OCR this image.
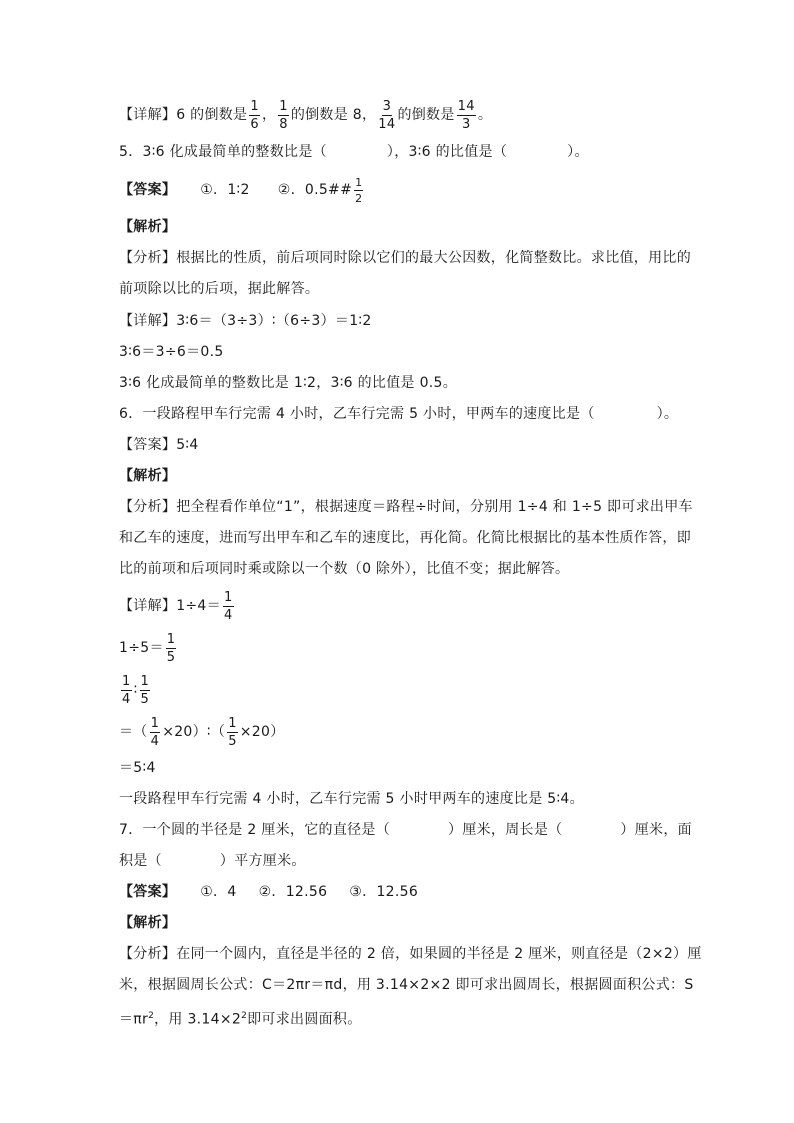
【详解】6 的倒数是 $\frac{1}{6}$ ， $\frac{1}{8}$ 的倒数是 8， $\frac{3}{14}$ 的倒数是 $\frac{14}{3}$ 。
5．3∶6 化成最简单的整数比是（	），3∶6 的比值是（	）。
【答案】 ①．1∶2 ②．0.5## $\frac{1}{2}$
【解析】
【分析】根据比的性质，前后项同时除以它们的最大公因数，化简整数比。求比值，用比的
前项除以比的后项，据此解答。
【详解】3∶6＝（3÷3）∶（6÷3）＝1∶2
3∶6＝3÷6＝0.5
3∶6 化成最简单的整数比是 1∶2，3∶6 的比值是 0.5。
6．一段路程甲车行完需 4 小时，乙车行完需 5 小时，甲两车的速度比是（	）。
【答案】5∶4
【解析】
【分析】把全程看作单位“1”，根据速度＝路程÷时间，分别用 1÷4 和 1÷5 即可求出甲车
和乙车的速度，进而写出甲车和乙车的速度比，再化简。化简比根据比的基本性质作答，即
比的前项和后项同时乘或除以一个数（0 除外），比值不变；据此解答。
【详解】$1\div 4= \frac{1}{4}$
$1\div 5= \frac{1}{5}$
$\frac{1}{4}$ ∶ $\frac{1}{5}$
＝（ $\frac{1}{4}$ ×20）∶（ $\frac{1}{5} \times 20$）
＝5∶4
一段路程甲车行完需 4 小时，乙车行完需 5 小时甲两车的速度比是 5∶4。
7．一个圆的半径是 2 厘米，它的直径是（	）厘米，周长是（	）厘米，面
积是（	）平方厘米。
【答案】 ①．4 ②．12.56 ③．12.56
【解析】
【分析】在同一个圆内，直径是半径的 2 倍，如果圆的半径是 2 厘米，则直径是（2×2）厘
米，根据圆周长公式：C＝2πr＝πd，用 3.14×2×2 即可求出圆周长，根据圆面积公式：S
$=\pi r^2$，用 $3.14\times 2^2$即可求出圆面积。
